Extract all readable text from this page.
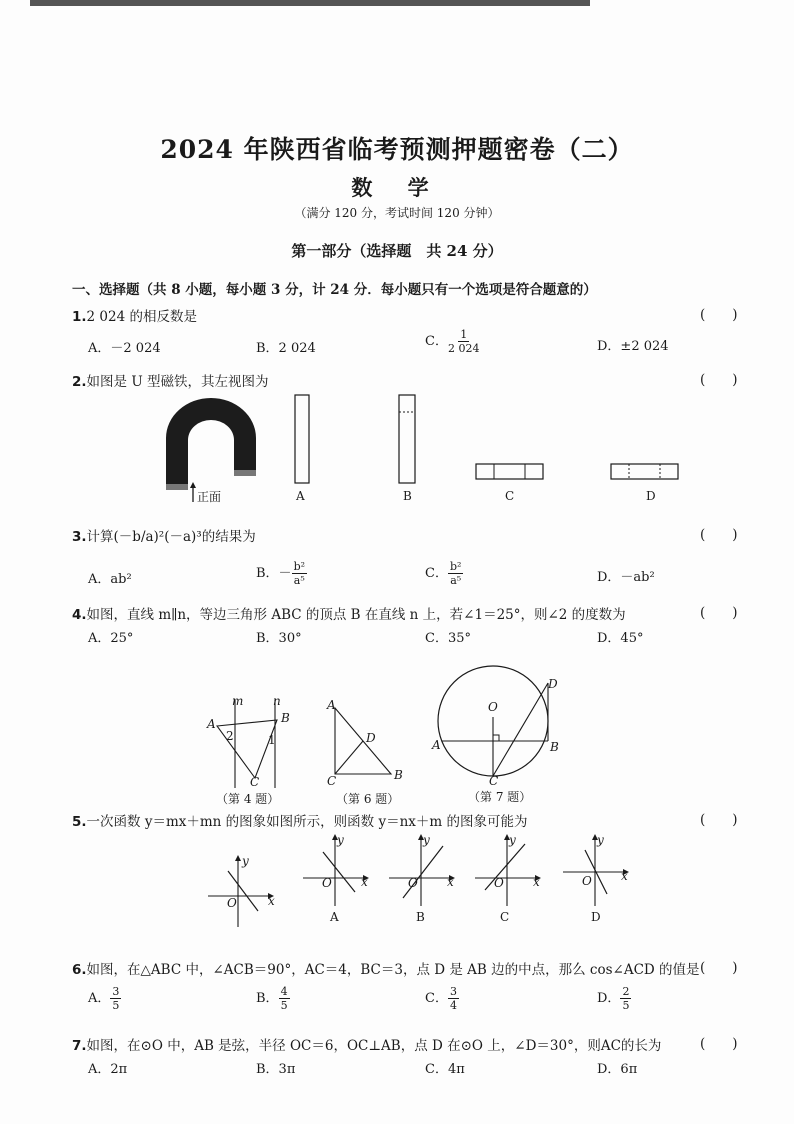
2024 年陕西省临考预测押题密卷（二）
数 学
（满分 120 分，考试时间 120 分钟）
第一部分（选择题　共 24 分）
一、选择题（共 8 小题，每小题 3 分，计 24 分．每小题只有一个选项是符合题意的）
1.2 024 的相反数是	(　　)
A．－2 024	B．2 024	C． $\frac{1}{2 024}$	D．±2 024
2.如图是 U 型磁铁，其左视图为	(　　)
正面	A	B	C	D
3.计算(－b/a)²(－a)³的结果为	(　　)
A．ab²	B．－ $\frac{\text{b²}}{\text{a⁵}}$	C． $\frac{\text{b²}}{\text{a⁵}}$	D．－ab²
4.如图，直线 m∥n，等边三角形 ABC 的顶点 B 在直线 n 上，若∠1＝25°，则∠2 的度数为	(　　)
A．25°	B．30°	C．35°	D．45°
m n
A	B
C
2	1
（第 4 题）
A
D
C	B
（第 6 题）
O
A	B
C
D
（第 7 题）
5.一次函数 y＝mx＋mn 的图象如图所示，则函数 y＝nx＋m 的图象可能为	(　　)
y
O	x
y
O x
A
y
O x
B
y
O x
C
y
O x
D
6.如图，在△ABC 中，∠ACB＝90°，AC＝4，BC＝3，点 D 是 AB 边的中点，那么 cos∠ACD 的值是 (　　)
A． $\frac{3}{5}$	B． $\frac{4}{5}$	C． $\frac{3}{4}$	D． $\frac{2}{5}$
7.如图，在⊙O 中，AB 是弦，半径 OC＝6，OC⊥AB，点 D 在⊙O 上，∠D＝30°，则AC的长为	(　　)
A．2π	B．3π	C．4π	D．6π
